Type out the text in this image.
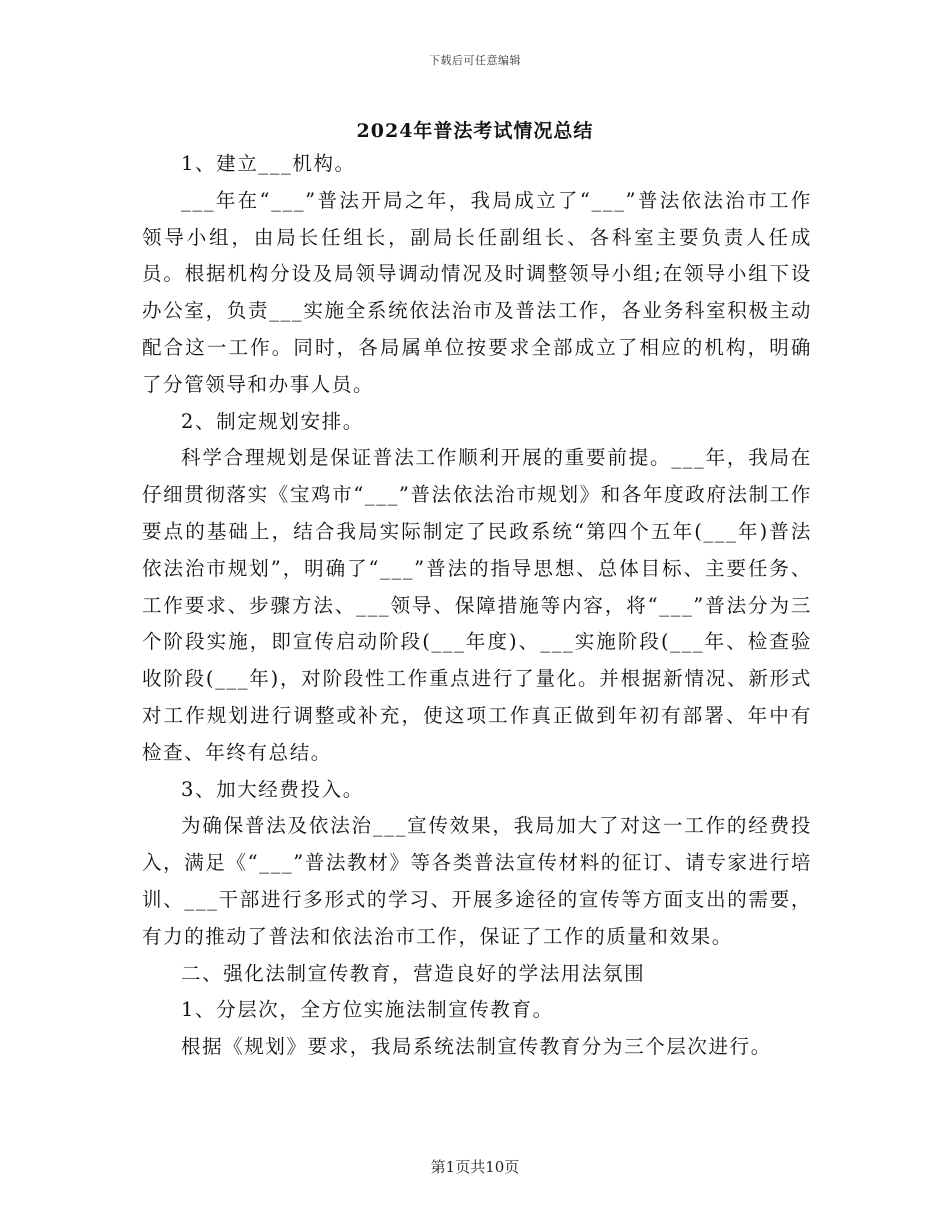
下载后可任意编辑
2024年普法考试情况总结

1、建立___机构。

___年在“___”普法开局之年，我局成立了“___”普法依法治市工作领导小组，由局长任组长，副局长任副组长、各科室主要负责人任成员。根据机构分设及局领导调动情况及时调整领导小组;在领导小组下设办公室，负责___实施全系统依法治市及普法工作，各业务科室积极主动配合这一工作。同时，各局属单位按要求全部成立了相应的机构，明确了分管领导和办事人员。

2、制定规划安排。

科学合理规划是保证普法工作顺利开展的重要前提。___年，我局在仔细贯彻落实《宝鸡市“___”普法依法治市规划》和各年度政府法制工作要点的基础上，结合我局实际制定了民政系统“第四个五年(___年)普法依法治市规划”，明确了“___”普法的指导思想、总体目标、主要任务、工作要求、步骤方法、___领导、保障措施等内容，将“___”普法分为三个阶段实施，即宣传启动阶段(___年度)、___实施阶段(___年、检查验收阶段(___年)，对阶段性工作重点进行了量化。并根据新情况、新形式对工作规划进行调整或补充，使这项工作真正做到年初有部署、年中有检查、年终有总结。

3、加大经费投入。

为确保普法及依法治___宣传效果，我局加大了对这一工作的经费投入，满足《“___”普法教材》等各类普法宣传材料的征订、请专家进行培训、___干部进行多形式的学习、开展多途径的宣传等方面支出的需要，有力的推动了普法和依法治市工作，保证了工作的质量和效果。

二、强化法制宣传教育，营造良好的学法用法氛围

1、分层次，全方位实施法制宣传教育。

根据《规划》要求，我局系统法制宣传教育分为三个层次进行。

第1页共10页
